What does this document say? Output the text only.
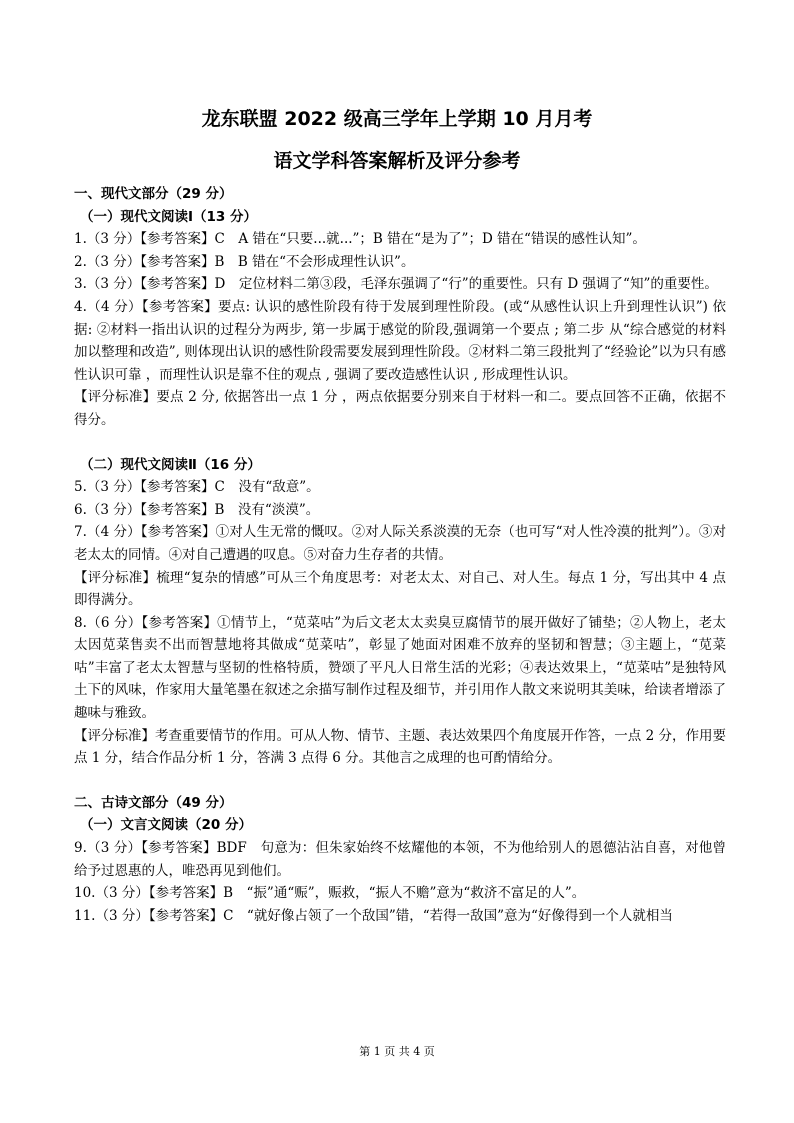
龙东联盟 2022 级高三学年上学期 10 月月考
语文学科答案解析及评分参考

一、现代文部分（29 分）

（一）现代文阅读Ⅰ（13 分）

1.（3 分）【参考答案】C　A 错在“只要...就...”；B 错在“是为了”；D 错在“错误的感性认知”。

2.（3 分）【参考答案】B　B 错在“不会形成理性认识”。

3.（3 分）【参考答案】D　定位材料二第③段，毛泽东强调了“行”的重要性。只有 D 强调了“知”的重要性。

4.（4 分）【参考答案】要点: 认识的感性阶段有待于发展到理性阶段。(或“从感性认识上升到理性认识”) 依据: ②材料一指出认识的过程分为两步, 第一步属于感觉的阶段,强调第一个要点 ; 第二步 从“综合感觉的材料加以整理和改造”, 则体现出认识的感性阶段需要发展到理性阶段。②材料二第三段批判了“经验论”以为只有感性认识可靠 ，而理性认识是靠不住的观点 , 强调了要改造感性认识 , 形成理性认识。

【评分标准】要点 2 分, 依据答出一点 1 分 ，两点依据要分别来自于材料一和二。要点回答不正确，依据不得分。

（二）现代文阅读Ⅱ（16 分）

5.（3 分）【参考答案】C　没有“敌意”。

6.（3 分）【参考答案】B　没有“淡漠”。

7.（4 分）【参考答案】①对人生无常的慨叹。②对人际关系淡漠的无奈（也可写“对人性冷漠的批判”）。③对老太太的同情。④对自己遭遇的叹息。⑤对奋力生存者的共情。

【评分标准】梳理“复杂的情感”可从三个角度思考：对老太太、对自己、对人生。每点 1 分，写出其中 4 点即得满分。

8.（6 分）【参考答案】①情节上，“苋菜咕”为后文老太太卖臭豆腐情节的展开做好了铺垫；②人物上，老太太因苋菜售卖不出而智慧地将其做成“苋菜咕”，彰显了她面对困难不放弃的坚韧和智慧；③主题上，“苋菜咕”丰富了老太太智慧与坚韧的性格特质，赞颂了平凡人日常生活的光彩；④表达效果上，“苋菜咕”是独特风土下的风味，作家用大量笔墨在叙述之余描写制作过程及细节，并引用作人散文来说明其美味，给读者增添了趣味与雅致。

【评分标准】考查重要情节的作用。可从人物、情节、主题、表达效果四个角度展开作答，一点 2 分，作用要点 1 分，结合作品分析 1 分，答满 3 点得 6 分。其他言之成理的也可酌情给分。

二、古诗文部分（49 分）

（一）文言文阅读（20 分）

9.（3 分）【参考答案】BDF　句意为：但朱家始终不炫耀他的本领，不为他给别人的恩德沾沾自喜，对他曾给予过恩惠的人，唯恐再见到他们。

10.（3 分）【参考答案】B　“振”通“赈”，赈救，“振人不赡”意为“救济不富足的人”。

11.（3 分）【参考答案】C　“就好像占领了一个敌国”错，“若得一敌国”意为“好像得到一个人就相当

第 1 页 共 4 页
